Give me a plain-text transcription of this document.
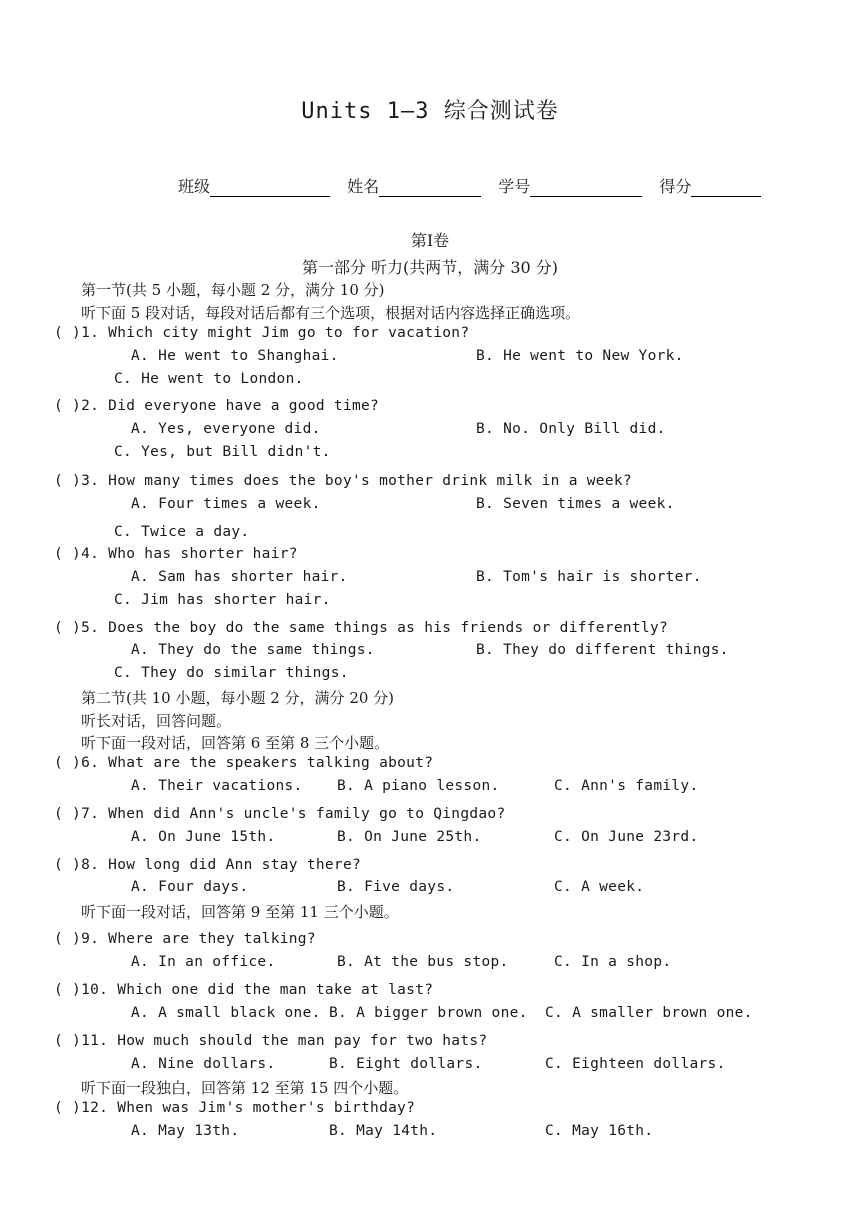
Units 1—3 综合测试卷
班级	姓名	学号	得分
第Ⅰ卷
第一部分 听力(共两节，满分 30 分)
第一节(共 5 小题，每小题 2 分，满分 10 分)
听下面 5 段对话，每段对话后都有三个选项，根据对话内容选择正确选项。
( )1. Which city might Jim go to for vacation?
A. He went to Shanghai.	B. He went to New York.
C. He went to London.
( )2. Did everyone have a good time?
A. Yes, everyone did.	B. No. Only Bill did.
C. Yes, but Bill didn't.
( )3. How many times does the boy's mother drink milk in a week?
A. Four times a week.	B. Seven times a week.
C. Twice a day.
( )4. Who has shorter hair?
A. Sam has shorter hair.	B. Tom's hair is shorter.
C. Jim has shorter hair.
( )5. Does the boy do the same things as his friends or differently?
A. They do the same things.	B. They do different things.
C. They do similar things.
第二节(共 10 小题，每小题 2 分，满分 20 分)
听长对话，回答问题。
听下面一段对话，回答第 6 至第 8 三个小题。
( )6. What are the speakers talking about?
A. Their vacations. B. A piano lesson.	C. Ann's family.
( )7. When did Ann's uncle's family go to Qingdao?
A. On June 15th.	B. On June 25th.	C. On June 23rd.
( )8. How long did Ann stay there?
A. Four days.	B. Five days.	C. A week.
听下面一段对话，回答第 9 至第 11 三个小题。
( )9. Where are they talking?
A. In an office.	B. At the bus stop.	C. In a shop.
( )10. Which one did the man take at last?
A. A small black one. B. A bigger brown one. C. A smaller brown one.
( )11. How much should the man pay for two hats?
A. Nine dollars.	B. Eight dollars.	C. Eighteen dollars.
听下面一段独白，回答第 12 至第 15 四个小题。
( )12. When was Jim's mother's birthday?
A. May 13th.	B. May 14th.	C. May 16th.
